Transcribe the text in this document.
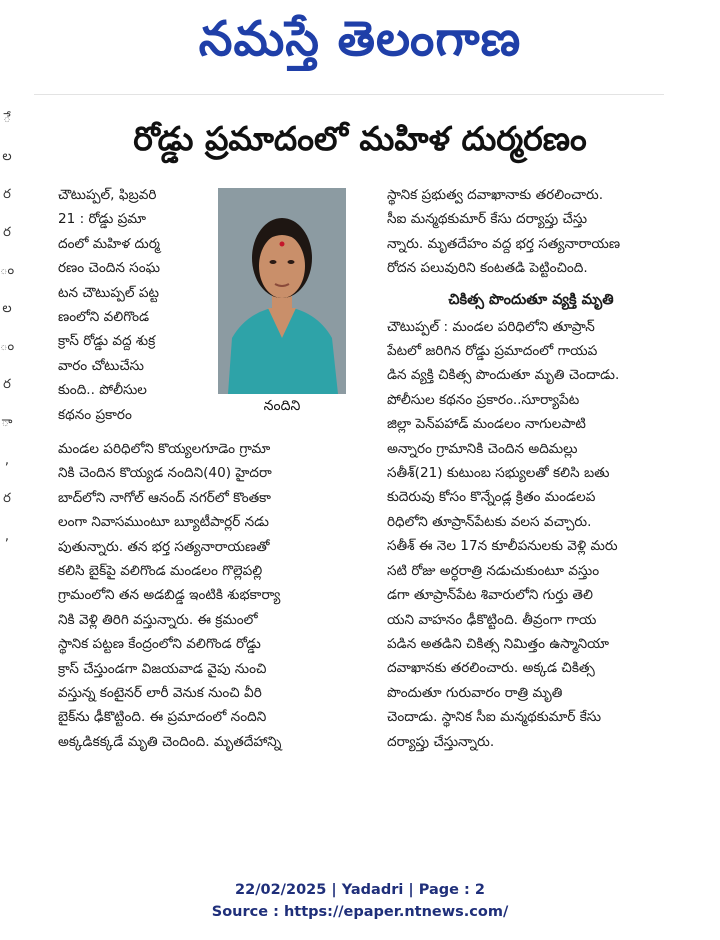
నమస్తే తెలంగాణ
ే
ల
ర
ర
ం
ల
ం
ర
ా
,
ర
,
రోడ్డు ప్రమాదంలో మహిళ దుర్మరణం
చౌటుప్పల్, ఫిబ్రవరి
21 : రోడ్డు ప్రమా
దంలో మహిళ దుర్మ
రణం చెందిన సంఘ
టన చౌటుప్పల్ పట్ట
ణంలోని వలిగొండ
క్రాస్ రోడ్డు వద్ద శుక్ర
వారం చోటుచేసు
కుంది.. పోలీసుల
కథనం ప్రకారం
నందిని
మండల పరిధిలోని కొయ్యలగూడెం గ్రామా
నికి చెందిన కొయ్యడ నందిని(40) హైదరా
బాద్‌లోని నాగోల్ ఆనంద్ నగర్‌లో కొంతకా
లంగా నివాసముంటూ బ్యూటీపార్లర్ నడు
పుతున్నారు. తన భర్త సత్యనారాయణతో
కలిసి బైక్‌పై వలిగొండ మండలం గొల్లెపల్లి
గ్రామంలోని తన అడబిడ్డ ఇంటికి శుభకార్యా
నికి వెళ్లి తిరిగి వస్తున్నారు. ఈ క్రమంలో
స్థానిక పట్టణ కేంద్రంలోని వలిగొండ రోడ్డు
క్రాస్ చేస్తుండగా విజయవాడ వైపు నుంచి
వస్తున్న కంటైనర్ లారీ వెనుక నుంచి వీరి
బైక్‌ను ఢీకొట్టింది. ఈ ప్రమాదంలో నందిని
అక్కడికక్కడే మృతి చెందింది. మృతదేహాన్ని
స్థానిక ప్రభుత్వ దవాఖానాకు తరలించారు.
సీఐ మన్మథకుమార్ కేసు దర్యాప్తు చేస్తు
న్నారు. మృతదేహం వద్ద భర్త సత్యనారాయణ
రోదన పలువురిని కంటతడి పెట్టించింది.
చికిత్స పొందుతూ వ్యక్తి మృతి
చౌటుప్పల్ : మండల పరిధిలోని తూప్రాన్
పేటలో జరిగిన రోడ్డు ప్రమాదంలో గాయప
డిన వ్యక్తి చికిత్స పొందుతూ మృతి చెందాడు.
పోలీసుల కథనం ప్రకారం..సూర్యాపేట
జిల్లా పెన్‌పహాడ్ మండలం నాగులపాటి
అన్నారం గ్రామానికి చెందిన అదిమల్లు
సతీశ్(21) కుటుంబ సభ్యులతో కలిసి బతు
కుదెరువు కోసం కొన్నేండ్ల క్రితం మండలప
రిధిలోని తూప్రాన్‌పేటకు వలస వచ్చారు.
సతీశ్ ఈ నెల 17న కూలీపనులకు వెళ్లి మరు
సటి రోజు అర్ధరాత్రి నడుచుకుంటూ వస్తుం
డగా తూప్రాన్‌పేట శివారులోని గుర్తు తెలి
యని వాహనం ఢీకొట్టింది. తీవ్రంగా గాయ
పడిన అతడిని చికిత్స నిమిత్తం ఉస్మానియా
దవాఖానకు తరలించారు. అక్కడ చికిత్స
పొందుతూ గురువారం రాత్రి మృతి
చెందాడు. స్థానిక సీఐ మన్మథకుమార్ కేసు
దర్యాప్తు చేస్తున్నారు.
22/02/2025 | Yadadri | Page : 2
Source : https://epaper.ntnews.com/
